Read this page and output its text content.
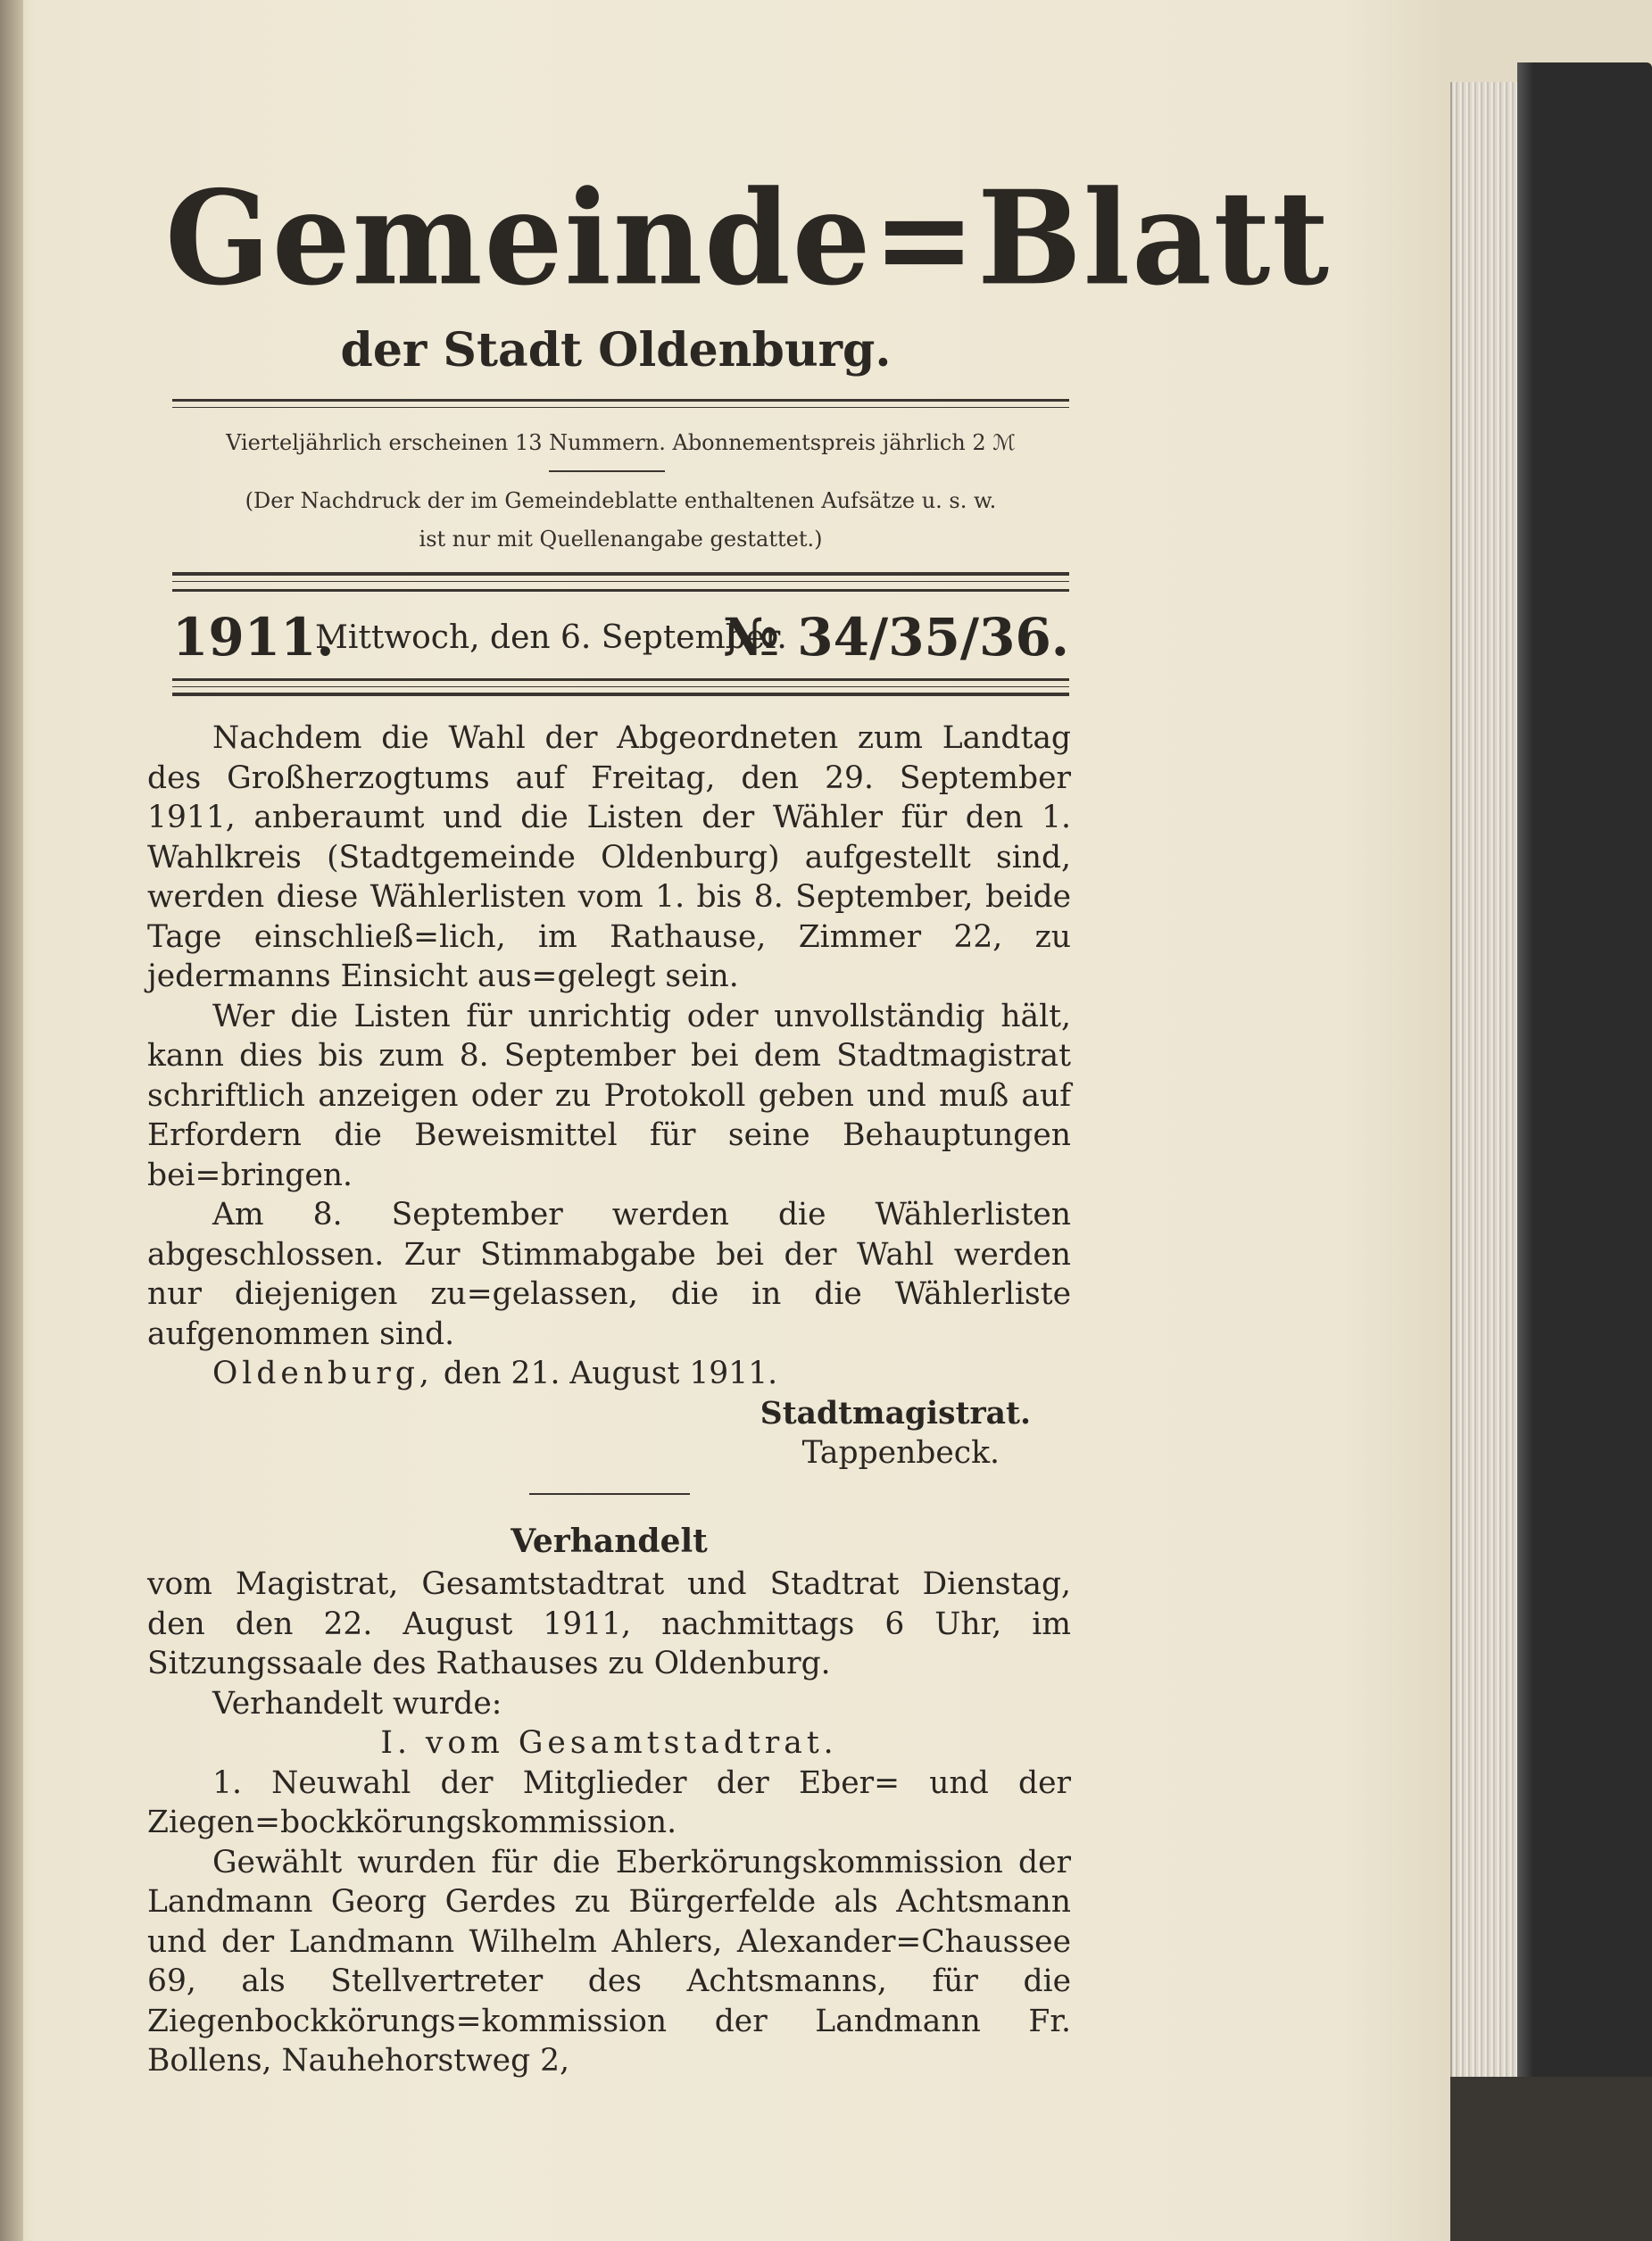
Gemeinde=Blatt
der Stadt Oldenburg.
Vierteljährlich erscheinen 13 Nummern. Abonnementspreis jährlich 2 ℳ
(Der Nachdruck der im Gemeindeblatte enthaltenen Aufsätze u. s. w.
ist nur mit Quellenangabe gestattet.)
1911.
Mittwoch, den 6. September.
№ 34/35/36.

Nachdem die Wahl der Abgeordneten zum Landtag des Großherzogtums auf Freitag, den 29. September 1911, anberaumt und die Listen der Wähler für den 1. Wahlkreis (Stadtgemeinde Oldenburg) aufgestellt sind, werden diese Wählerlisten vom 1. bis 8. September, beide Tage einschließ=lich, im Rathause, Zimmer 22, zu jedermanns Einsicht aus=gelegt sein.

Wer die Listen für unrichtig oder unvollständig hält, kann dies bis zum 8. September bei dem Stadtmagistrat schriftlich anzeigen oder zu Protokoll geben und muß auf Erfordern die Beweismittel für seine Behauptungen bei=bringen.

Am 8. September werden die Wählerlisten abgeschlossen. Zur Stimmabgabe bei der Wahl werden nur diejenigen zu=gelassen, die in die Wählerliste aufgenommen sind.

Oldenburg, den 21. August 1911.

Stadtmagistrat.

Tappenbeck.

Verhandelt

vom Magistrat, Gesamtstadtrat und Stadtrat Dienstag, den den 22. August 1911, nachmittags 6 Uhr, im Sitzungssaale des Rathauses zu Oldenburg.

Verhandelt wurde:

I. vom Gesamtstadtrat.

1. Neuwahl der Mitglieder der Eber= und der Ziegen=bockkörungskommission.

Gewählt wurden für die Eberkörungskommission der Landmann Georg Gerdes zu Bürgerfelde als Achtsmann und der Landmann Wilhelm Ahlers, Alexander=Chaussee 69, als Stellvertreter des Achtsmanns, für die Ziegenbockkörungs=kommission der Landmann Fr. Bollens, Nauhehorstweg 2,
